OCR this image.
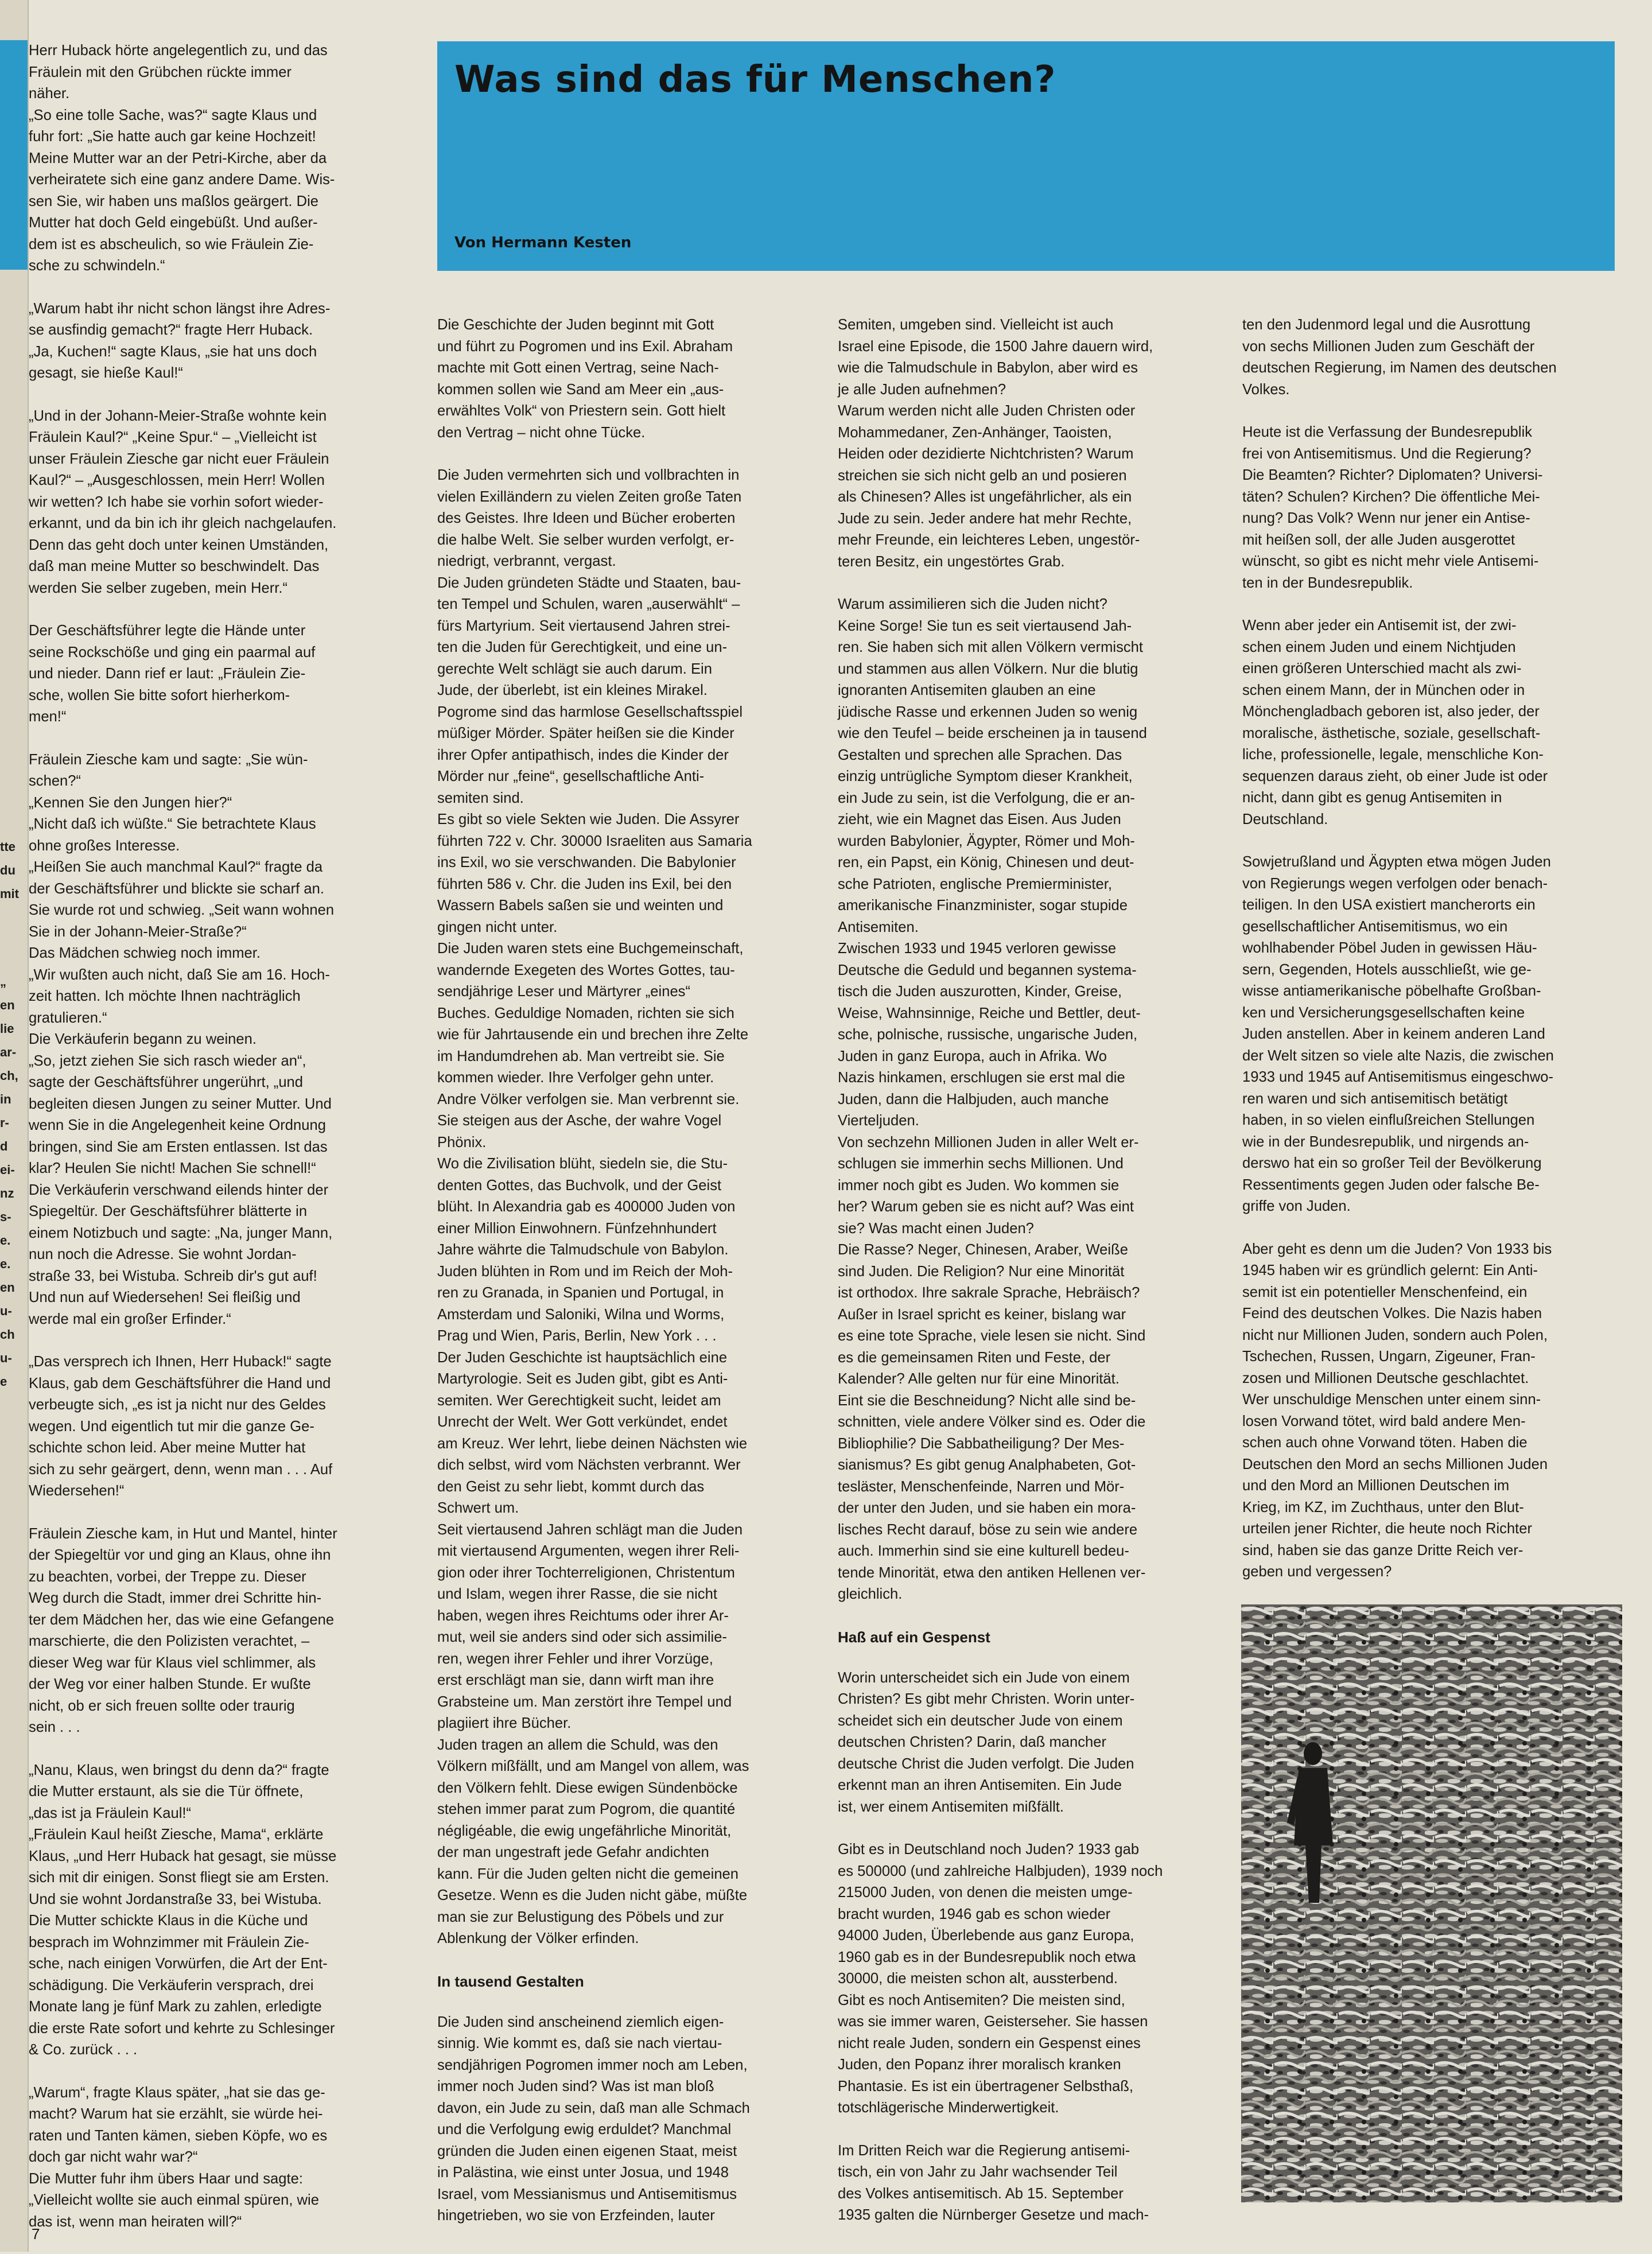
tte
du
mit
„
en
lie
ar-
ch,
in
r-
d
ei-
nz
s-
e.
e.
en
u-
ch
u-
e

Herr Huback hörte angelegentlich zu, und das
Fräulein mit den Grübchen rückte immer
näher.
„So eine tolle Sache, was?“ sagte Klaus und
fuhr fort: „Sie hatte auch gar keine Hochzeit!
Meine Mutter war an der Petri-Kirche, aber da
verheiratete sich eine ganz andere Dame. Wis-
sen Sie, wir haben uns maßlos geärgert. Die
Mutter hat doch Geld eingebüßt. Und außer-
dem ist es abscheulich, so wie Fräulein Zie-
sche zu schwindeln.“

„Warum habt ihr nicht schon längst ihre Adres-
se ausfindig gemacht?“ fragte Herr Huback.
„Ja, Kuchen!“ sagte Klaus, „sie hat uns doch
gesagt, sie hieße Kaul!“

„Und in der Johann-Meier-Straße wohnte kein
Fräulein Kaul?“ „Keine Spur.“ – „Vielleicht ist
unser Fräulein Ziesche gar nicht euer Fräulein
Kaul?“ – „Ausgeschlossen, mein Herr! Wollen
wir wetten? Ich habe sie vorhin sofort wieder-
erkannt, und da bin ich ihr gleich nachgelaufen.
Denn das geht doch unter keinen Umständen,
daß man meine Mutter so beschwindelt. Das
werden Sie selber zugeben, mein Herr.“

Der Geschäftsführer legte die Hände unter
seine Rockschöße und ging ein paarmal auf
und nieder. Dann rief er laut: „Fräulein Zie-
sche, wollen Sie bitte sofort hierherkom-
men!“

Fräulein Ziesche kam und sagte: „Sie wün-
schen?“
„Kennen Sie den Jungen hier?“
„Nicht daß ich wüßte.“ Sie betrachtete Klaus
ohne großes Interesse.
„Heißen Sie auch manchmal Kaul?“ fragte da
der Geschäftsführer und blickte sie scharf an.
Sie wurde rot und schwieg. „Seit wann wohnen
Sie in der Johann-Meier-Straße?“
Das Mädchen schwieg noch immer.
„Wir wußten auch nicht, daß Sie am 16. Hoch-
zeit hatten. Ich möchte Ihnen nachträglich
gratulieren.“
Die Verkäuferin begann zu weinen.
„So, jetzt ziehen Sie sich rasch wieder an“,
sagte der Geschäftsführer ungerührt, „und
begleiten diesen Jungen zu seiner Mutter. Und
wenn Sie in die Angelegenheit keine Ordnung
bringen, sind Sie am Ersten entlassen. Ist das
klar? Heulen Sie nicht! Machen Sie schnell!“
Die Verkäuferin verschwand eilends hinter der
Spiegeltür. Der Geschäftsführer blätterte in
einem Notizbuch und sagte: „Na, junger Mann,
nun noch die Adresse. Sie wohnt Jordan-
straße 33, bei Wistuba. Schreib dir's gut auf!
Und nun auf Wiedersehen! Sei fleißig und
werde mal ein großer Erfinder.“

„Das versprech ich Ihnen, Herr Huback!“ sagte
Klaus, gab dem Geschäftsführer die Hand und
verbeugte sich, „es ist ja nicht nur des Geldes
wegen. Und eigentlich tut mir die ganze Ge-
schichte schon leid. Aber meine Mutter hat
sich zu sehr geärgert, denn, wenn man . . . Auf
Wiedersehen!“

Fräulein Ziesche kam, in Hut und Mantel, hinter
der Spiegeltür vor und ging an Klaus, ohne ihn
zu beachten, vorbei, der Treppe zu. Dieser
Weg durch die Stadt, immer drei Schritte hin-
ter dem Mädchen her, das wie eine Gefangene
marschierte, die den Polizisten verachtet, –
dieser Weg war für Klaus viel schlimmer, als
der Weg vor einer halben Stunde. Er wußte
nicht, ob er sich freuen sollte oder traurig
sein . . .

„Nanu, Klaus, wen bringst du denn da?“ fragte
die Mutter erstaunt, als sie die Tür öffnete,
„das ist ja Fräulein Kaul!“
„Fräulein Kaul heißt Ziesche, Mama“, erklärte
Klaus, „und Herr Huback hat gesagt, sie müsse
sich mit dir einigen. Sonst fliegt sie am Ersten.
Und sie wohnt Jordanstraße 33, bei Wistuba.
Die Mutter schickte Klaus in die Küche und
besprach im Wohnzimmer mit Fräulein Zie-
sche, nach einigen Vorwürfen, die Art der Ent-
schädigung. Die Verkäuferin versprach, drei
Monate lang je fünf Mark zu zahlen, erledigte
die erste Rate sofort und kehrte zu Schlesinger
& Co. zurück . . .

„Warum“, fragte Klaus später, „hat sie das ge-
macht? Warum hat sie erzählt, sie würde hei-
raten und Tanten kämen, sieben Köpfe, wo es
doch gar nicht wahr war?“
Die Mutter fuhr ihm übers Haar und sagte:
„Vielleicht wollte sie auch einmal spüren, wie
das ist, wenn man heiraten will?“

Was sind das für Menschen?
Von Hermann Kesten

Die Geschichte der Juden beginnt mit Gott
und führt zu Pogromen und ins Exil. Abraham
machte mit Gott einen Vertrag, seine Nach-
kommen sollen wie Sand am Meer ein „aus-
erwähltes Volk“ von Priestern sein. Gott hielt
den Vertrag – nicht ohne Tücke.

Die Juden vermehrten sich und vollbrachten in
vielen Exilländern zu vielen Zeiten große Taten
des Geistes. Ihre Ideen und Bücher eroberten
die halbe Welt. Sie selber wurden verfolgt, er-
niedrigt, verbrannt, vergast.
Die Juden gründeten Städte und Staaten, bau-
ten Tempel und Schulen, waren „auserwählt“ –
fürs Martyrium. Seit viertausend Jahren strei-
ten die Juden für Gerechtigkeit, und eine un-
gerechte Welt schlägt sie auch darum. Ein
Jude, der überlebt, ist ein kleines Mirakel.
Pogrome sind das harmlose Gesellschaftsspiel
müßiger Mörder. Später heißen sie die Kinder
ihrer Opfer antipathisch, indes die Kinder der
Mörder nur „feine“, gesellschaftliche Anti-
semiten sind.
Es gibt so viele Sekten wie Juden. Die Assyrer
führten 722 v. Chr. 30000 Israeliten aus Samaria
ins Exil, wo sie verschwanden. Die Babylonier
führten 586 v. Chr. die Juden ins Exil, bei den
Wassern Babels saßen sie und weinten und
gingen nicht unter.
Die Juden waren stets eine Buchgemeinschaft,
wandernde Exegeten des Wortes Gottes, tau-
sendjährige Leser und Märtyrer „eines“
Buches. Geduldige Nomaden, richten sie sich
wie für Jahrtausende ein und brechen ihre Zelte
im Handumdrehen ab. Man vertreibt sie. Sie
kommen wieder. Ihre Verfolger gehn unter.
Andre Völker verfolgen sie. Man verbrennt sie.
Sie steigen aus der Asche, der wahre Vogel
Phönix.
Wo die Zivilisation blüht, siedeln sie, die Stu-
denten Gottes, das Buchvolk, und der Geist
blüht. In Alexandria gab es 400000 Juden von
einer Million Einwohnern. Fünfzehnhundert
Jahre währte die Talmudschule von Babylon.
Juden blühten in Rom und im Reich der Moh-
ren zu Granada, in Spanien und Portugal, in
Amsterdam und Saloniki, Wilna und Worms,
Prag und Wien, Paris, Berlin, New York . . .
Der Juden Geschichte ist hauptsächlich eine
Martyrologie. Seit es Juden gibt, gibt es Anti-
semiten. Wer Gerechtigkeit sucht, leidet am
Unrecht der Welt. Wer Gott verkündet, endet
am Kreuz. Wer lehrt, liebe deinen Nächsten wie
dich selbst, wird vom Nächsten verbrannt. Wer
den Geist zu sehr liebt, kommt durch das
Schwert um.
Seit viertausend Jahren schlägt man die Juden
mit viertausend Argumenten, wegen ihrer Reli-
gion oder ihrer Tochterreligionen, Christentum
und Islam, wegen ihrer Rasse, die sie nicht
haben, wegen ihres Reichtums oder ihrer Ar-
mut, weil sie anders sind oder sich assimilie-
ren, wegen ihrer Fehler und ihrer Vorzüge,
erst erschlägt man sie, dann wirft man ihre
Grabsteine um. Man zerstört ihre Tempel und
plagiiert ihre Bücher.
Juden tragen an allem die Schuld, was den
Völkern mißfällt, und am Mangel von allem, was
den Völkern fehlt. Diese ewigen Sündenböcke
stehen immer parat zum Pogrom, die quantité
négligéable, die ewig ungefährliche Minorität,
der man ungestraft jede Gefahr andichten
kann. Für die Juden gelten nicht die gemeinen
Gesetze. Wenn es die Juden nicht gäbe, müßte
man sie zur Belustigung des Pöbels und zur
Ablenkung der Völker erfinden.

In tausend Gestalten

Die Juden sind anscheinend ziemlich eigen-
sinnig. Wie kommt es, daß sie nach viertau-
sendjährigen Pogromen immer noch am Leben,
immer noch Juden sind? Was ist man bloß
davon, ein Jude zu sein, daß man alle Schmach
und die Verfolgung ewig erduldet? Manchmal
gründen die Juden einen eigenen Staat, meist
in Palästina, wie einst unter Josua, und 1948
Israel, vom Messianismus und Antisemitismus
hingetrieben, wo sie von Erzfeinden, lauter

Semiten, umgeben sind. Vielleicht ist auch
Israel eine Episode, die 1500 Jahre dauern wird,
wie die Talmudschule in Babylon, aber wird es
je alle Juden aufnehmen?
Warum werden nicht alle Juden Christen oder
Mohammedaner, Zen-Anhänger, Taoisten,
Heiden oder dezidierte Nichtchristen? Warum
streichen sie sich nicht gelb an und posieren
als Chinesen? Alles ist ungefährlicher, als ein
Jude zu sein. Jeder andere hat mehr Rechte,
mehr Freunde, ein leichteres Leben, ungestör-
teren Besitz, ein ungestörtes Grab.

Warum assimilieren sich die Juden nicht?
Keine Sorge! Sie tun es seit viertausend Jah-
ren. Sie haben sich mit allen Völkern vermischt
und stammen aus allen Völkern. Nur die blutig
ignoranten Antisemiten glauben an eine
jüdische Rasse und erkennen Juden so wenig
wie den Teufel – beide erscheinen ja in tausend
Gestalten und sprechen alle Sprachen. Das
einzig untrügliche Symptom dieser Krankheit,
ein Jude zu sein, ist die Verfolgung, die er an-
zieht, wie ein Magnet das Eisen. Aus Juden
wurden Babylonier, Ägypter, Römer und Moh-
ren, ein Papst, ein König, Chinesen und deut-
sche Patrioten, englische Premierminister,
amerikanische Finanzminister, sogar stupide
Antisemiten.
Zwischen 1933 und 1945 verloren gewisse
Deutsche die Geduld und begannen systema-
tisch die Juden auszurotten, Kinder, Greise,
Weise, Wahnsinnige, Reiche und Bettler, deut-
sche, polnische, russische, ungarische Juden,
Juden in ganz Europa, auch in Afrika. Wo
Nazis hinkamen, erschlugen sie erst mal die
Juden, dann die Halbjuden, auch manche
Vierteljuden.
Von sechzehn Millionen Juden in aller Welt er-
schlugen sie immerhin sechs Millionen. Und
immer noch gibt es Juden. Wo kommen sie
her? Warum geben sie es nicht auf? Was eint
sie? Was macht einen Juden?
Die Rasse? Neger, Chinesen, Araber, Weiße
sind Juden. Die Religion? Nur eine Minorität
ist orthodox. Ihre sakrale Sprache, Hebräisch?
Außer in Israel spricht es keiner, bislang war
es eine tote Sprache, viele lesen sie nicht. Sind
es die gemeinsamen Riten und Feste, der
Kalender? Alle gelten nur für eine Minorität.
Eint sie die Beschneidung? Nicht alle sind be-
schnitten, viele andere Völker sind es. Oder die
Bibliophilie? Die Sabbatheiligung? Der Mes-
sianismus? Es gibt genug Analphabeten, Got-
tesläster, Menschenfeinde, Narren und Mör-
der unter den Juden, und sie haben ein mora-
lisches Recht darauf, böse zu sein wie andere
auch. Immerhin sind sie eine kulturell bedeu-
tende Minorität, etwa den antiken Hellenen ver-
gleichlich.

Haß auf ein Gespenst

Worin unterscheidet sich ein Jude von einem
Christen? Es gibt mehr Christen. Worin unter-
scheidet sich ein deutscher Jude von einem
deutschen Christen? Darin, daß mancher
deutsche Christ die Juden verfolgt. Die Juden
erkennt man an ihren Antisemiten. Ein Jude
ist, wer einem Antisemiten mißfällt.

Gibt es in Deutschland noch Juden? 1933 gab
es 500000 (und zahlreiche Halbjuden), 1939 noch
215000 Juden, von denen die meisten umge-
bracht wurden, 1946 gab es schon wieder
94000 Juden, Überlebende aus ganz Europa,
1960 gab es in der Bundesrepublik noch etwa
30000, die meisten schon alt, aussterbend.
Gibt es noch Antisemiten? Die meisten sind,
was sie immer waren, Geisterseher. Sie hassen
nicht reale Juden, sondern ein Gespenst eines
Juden, den Popanz ihrer moralisch kranken
Phantasie. Es ist ein übertragener Selbsthaß,
totschlägerische Minderwertigkeit.

Im Dritten Reich war die Regierung antisemi-
tisch, ein von Jahr zu Jahr wachsender Teil
des Volkes antisemitisch. Ab 15. September
1935 galten die Nürnberger Gesetze und mach-

ten den Judenmord legal und die Ausrottung
von sechs Millionen Juden zum Geschäft der
deutschen Regierung, im Namen des deutschen
Volkes.

Heute ist die Verfassung der Bundesrepublik
frei von Antisemitismus. Und die Regierung?
Die Beamten? Richter? Diplomaten? Universi-
täten? Schulen? Kirchen? Die öffentliche Mei-
nung? Das Volk? Wenn nur jener ein Antise-
mit heißen soll, der alle Juden ausgerottet
wünscht, so gibt es nicht mehr viele Antisemi-
ten in der Bundesrepublik.

Wenn aber jeder ein Antisemit ist, der zwi-
schen einem Juden und einem Nichtjuden
einen größeren Unterschied macht als zwi-
schen einem Mann, der in München oder in
Mönchengladbach geboren ist, also jeder, der
moralische, ästhetische, soziale, gesellschaft-
liche, professionelle, legale, menschliche Kon-
sequenzen daraus zieht, ob einer Jude ist oder
nicht, dann gibt es genug Antisemiten in
Deutschland.

Sowjetrußland und Ägypten etwa mögen Juden
von Regierungs wegen verfolgen oder benach-
teiligen. In den USA existiert mancherorts ein
gesellschaftlicher Antisemitismus, wo ein
wohlhabender Pöbel Juden in gewissen Häu-
sern, Gegenden, Hotels ausschließt, wie ge-
wisse antiamerikanische pöbelhafte Großban-
ken und Versicherungsgesellschaften keine
Juden anstellen. Aber in keinem anderen Land
der Welt sitzen so viele alte Nazis, die zwischen
1933 und 1945 auf Antisemitismus eingeschwo-
ren waren und sich antisemitisch betätigt
haben, in so vielen einflußreichen Stellungen
wie in der Bundesrepublik, und nirgends an-
derswo hat ein so großer Teil der Bevölkerung
Ressentiments gegen Juden oder falsche Be-
griffe von Juden.

Aber geht es denn um die Juden? Von 1933 bis
1945 haben wir es gründlich gelernt: Ein Anti-
semit ist ein potentieller Menschenfeind, ein
Feind des deutschen Volkes. Die Nazis haben
nicht nur Millionen Juden, sondern auch Polen,
Tschechen, Russen, Ungarn, Zigeuner, Fran-
zosen und Millionen Deutsche geschlachtet.
Wer unschuldige Menschen unter einem sinn-
losen Vorwand tötet, wird bald andere Men-
schen auch ohne Vorwand töten. Haben die
Deutschen den Mord an sechs Millionen Juden
und den Mord an Millionen Deutschen im
Krieg, im KZ, im Zuchthaus, unter den Blut-
urteilen jener Richter, die heute noch Richter
sind, haben sie das ganze Dritte Reich ver-
geben und vergessen?

7
